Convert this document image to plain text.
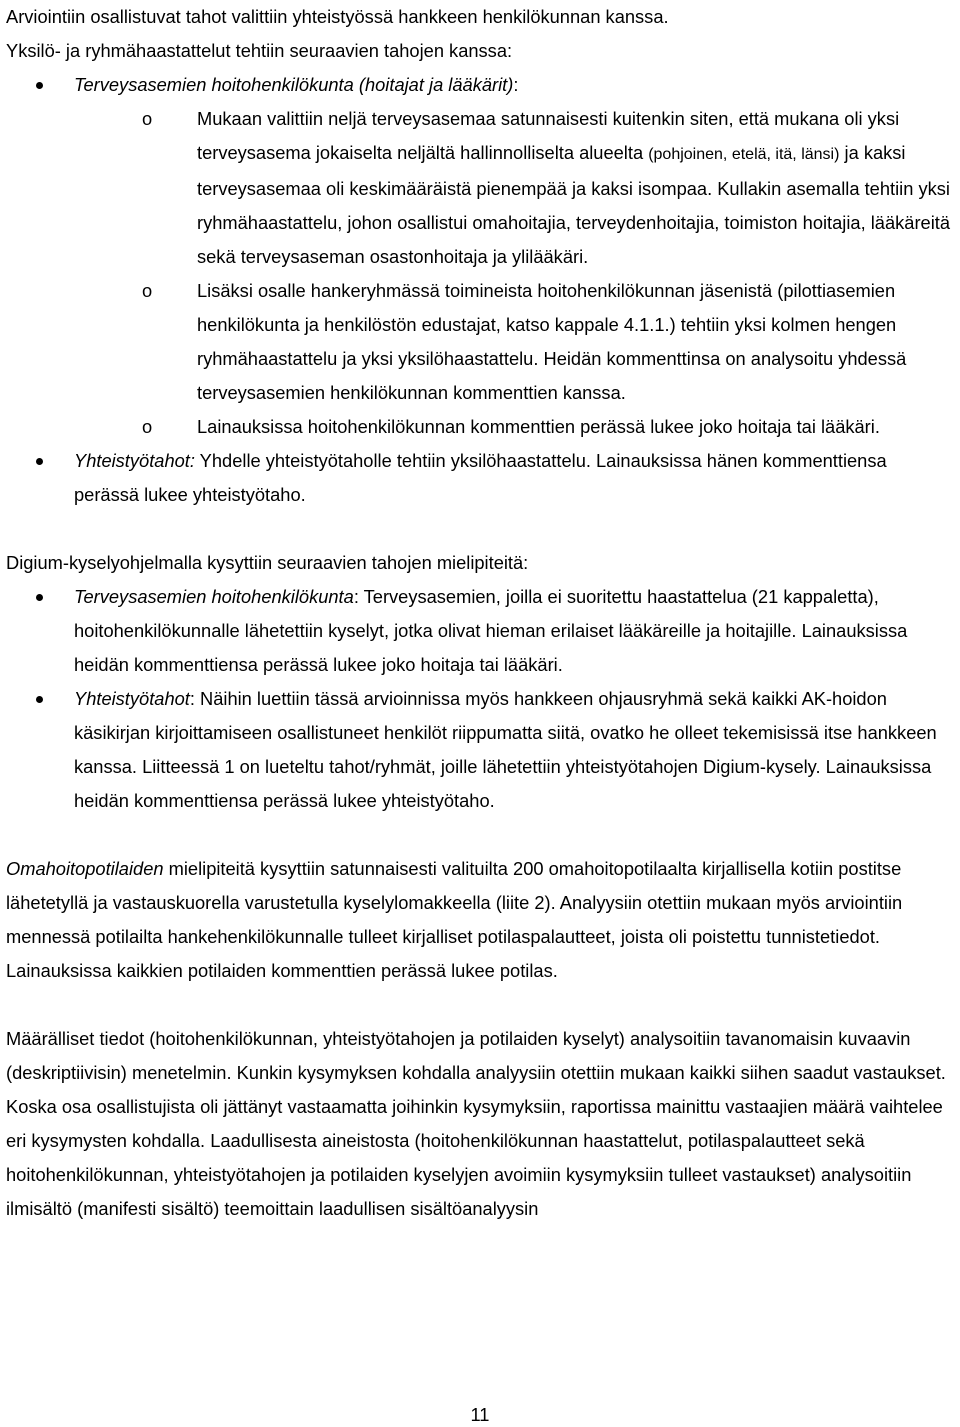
Arviointiin osallistuvat tahot valittiin yhteistyössä hankkeen henkilökunnan kanssa.

Yksilö- ja ryhmähaastattelut tehtiin seuraavien tahojen kanssa:

Terveysasemien hoitohenkilökunta (hoitajat ja lääkärit):

o Mukaan valittiin neljä terveysasemaa satunnaisesti kuitenkin siten, että mukana oli yksi terveysasema jokaiselta neljältä hallinnolliselta alueelta (pohjoinen, etelä, itä, länsi) ja kaksi terveysasemaa oli keskimääräistä pienempää ja kaksi isompaa. Kullakin asemalla tehtiin yksi ryhmähaastattelu, johon osallistui omahoitajia, terveydenhoitajia, toimiston hoitajia, lääkäreitä sekä terveysaseman osastonhoitaja ja ylilääkäri.

o Lisäksi osalle hankeryhmässä toimineista hoitohenkilökunnan jäsenistä (pilottiasemien henkilökunta ja henkilöstön edustajat, katso kappale 4.1.1.) tehtiin yksi kolmen hengen ryhmähaastattelu ja yksi yksilöhaastattelu. Heidän kommenttinsa on analysoitu yhdessä terveysasemien henkilökunnan kommenttien kanssa.

o Lainauksissa hoitohenkilökunnan kommenttien perässä lukee joko hoitaja tai lääkäri.

Yhteistyötahot: Yhdelle yhteistyötaholle tehtiin yksilöhaastattelu. Lainauksissa hänen kommenttiensa perässä lukee yhteistyötaho.

Digium-kyselyohjelmalla kysyttiin seuraavien tahojen mielipiteitä:

Terveysasemien hoitohenkilökunta: Terveysasemien, joilla ei suoritettu haastattelua (21 kappaletta), hoitohenkilökunnalle lähetettiin kyselyt, jotka olivat hieman erilaiset lääkäreille ja hoitajille. Lainauksissa heidän kommenttiensa perässä lukee joko hoitaja tai lääkäri.

Yhteistyötahot: Näihin luettiin tässä arvioinnissa myös hankkeen ohjausryhmä sekä kaikki AK-hoidon käsikirjan kirjoittamiseen osallistuneet henkilöt riippumatta siitä, ovatko he olleet tekemisissä itse hankkeen kanssa. Liitteessä 1 on lueteltu tahot/ryhmät, joille lähetettiin yhteistyötahojen Digium-kysely. Lainauksissa heidän kommenttiensa perässä lukee yhteistyötaho.

Omahoitopotilaiden mielipiteitä kysyttiin satunnaisesti valituilta 200 omahoitopotilaalta kirjallisella kotiin postitse lähetetyllä ja vastauskuorella varustetulla kyselylomakkeella (liite 2). Analyysiin otettiin mukaan myös arviointiin mennessä potilailta hankehenkilökunnalle tulleet kirjalliset potilaspalautteet, joista oli poistettu tunnistetiedot. Lainauksissa kaikkien potilaiden kommenttien perässä lukee potilas.

Määrälliset tiedot (hoitohenkilökunnan, yhteistyötahojen ja potilaiden kyselyt) analysoitiin tavanomaisin kuvaavin (deskriptiivisin) menetelmin. Kunkin kysymyksen kohdalla analyysiin otettiin mukaan kaikki siihen saadut vastaukset. Koska osa osallistujista oli jättänyt vastaamatta joihinkin kysymyksiin, raportissa mainittu vastaajien määrä vaihtelee eri kysymysten kohdalla. Laadullisesta aineistosta (hoitohenkilökunnan haastattelut, potilaspalautteet sekä hoitohenkilökunnan, yhteistyötahojen ja potilaiden kyselyjen avoimiin kysymyksiin tulleet vastaukset) analysoitiin ilmisältö (manifesti sisältö) teemoittain laadullisen sisältöanalyysin

11
